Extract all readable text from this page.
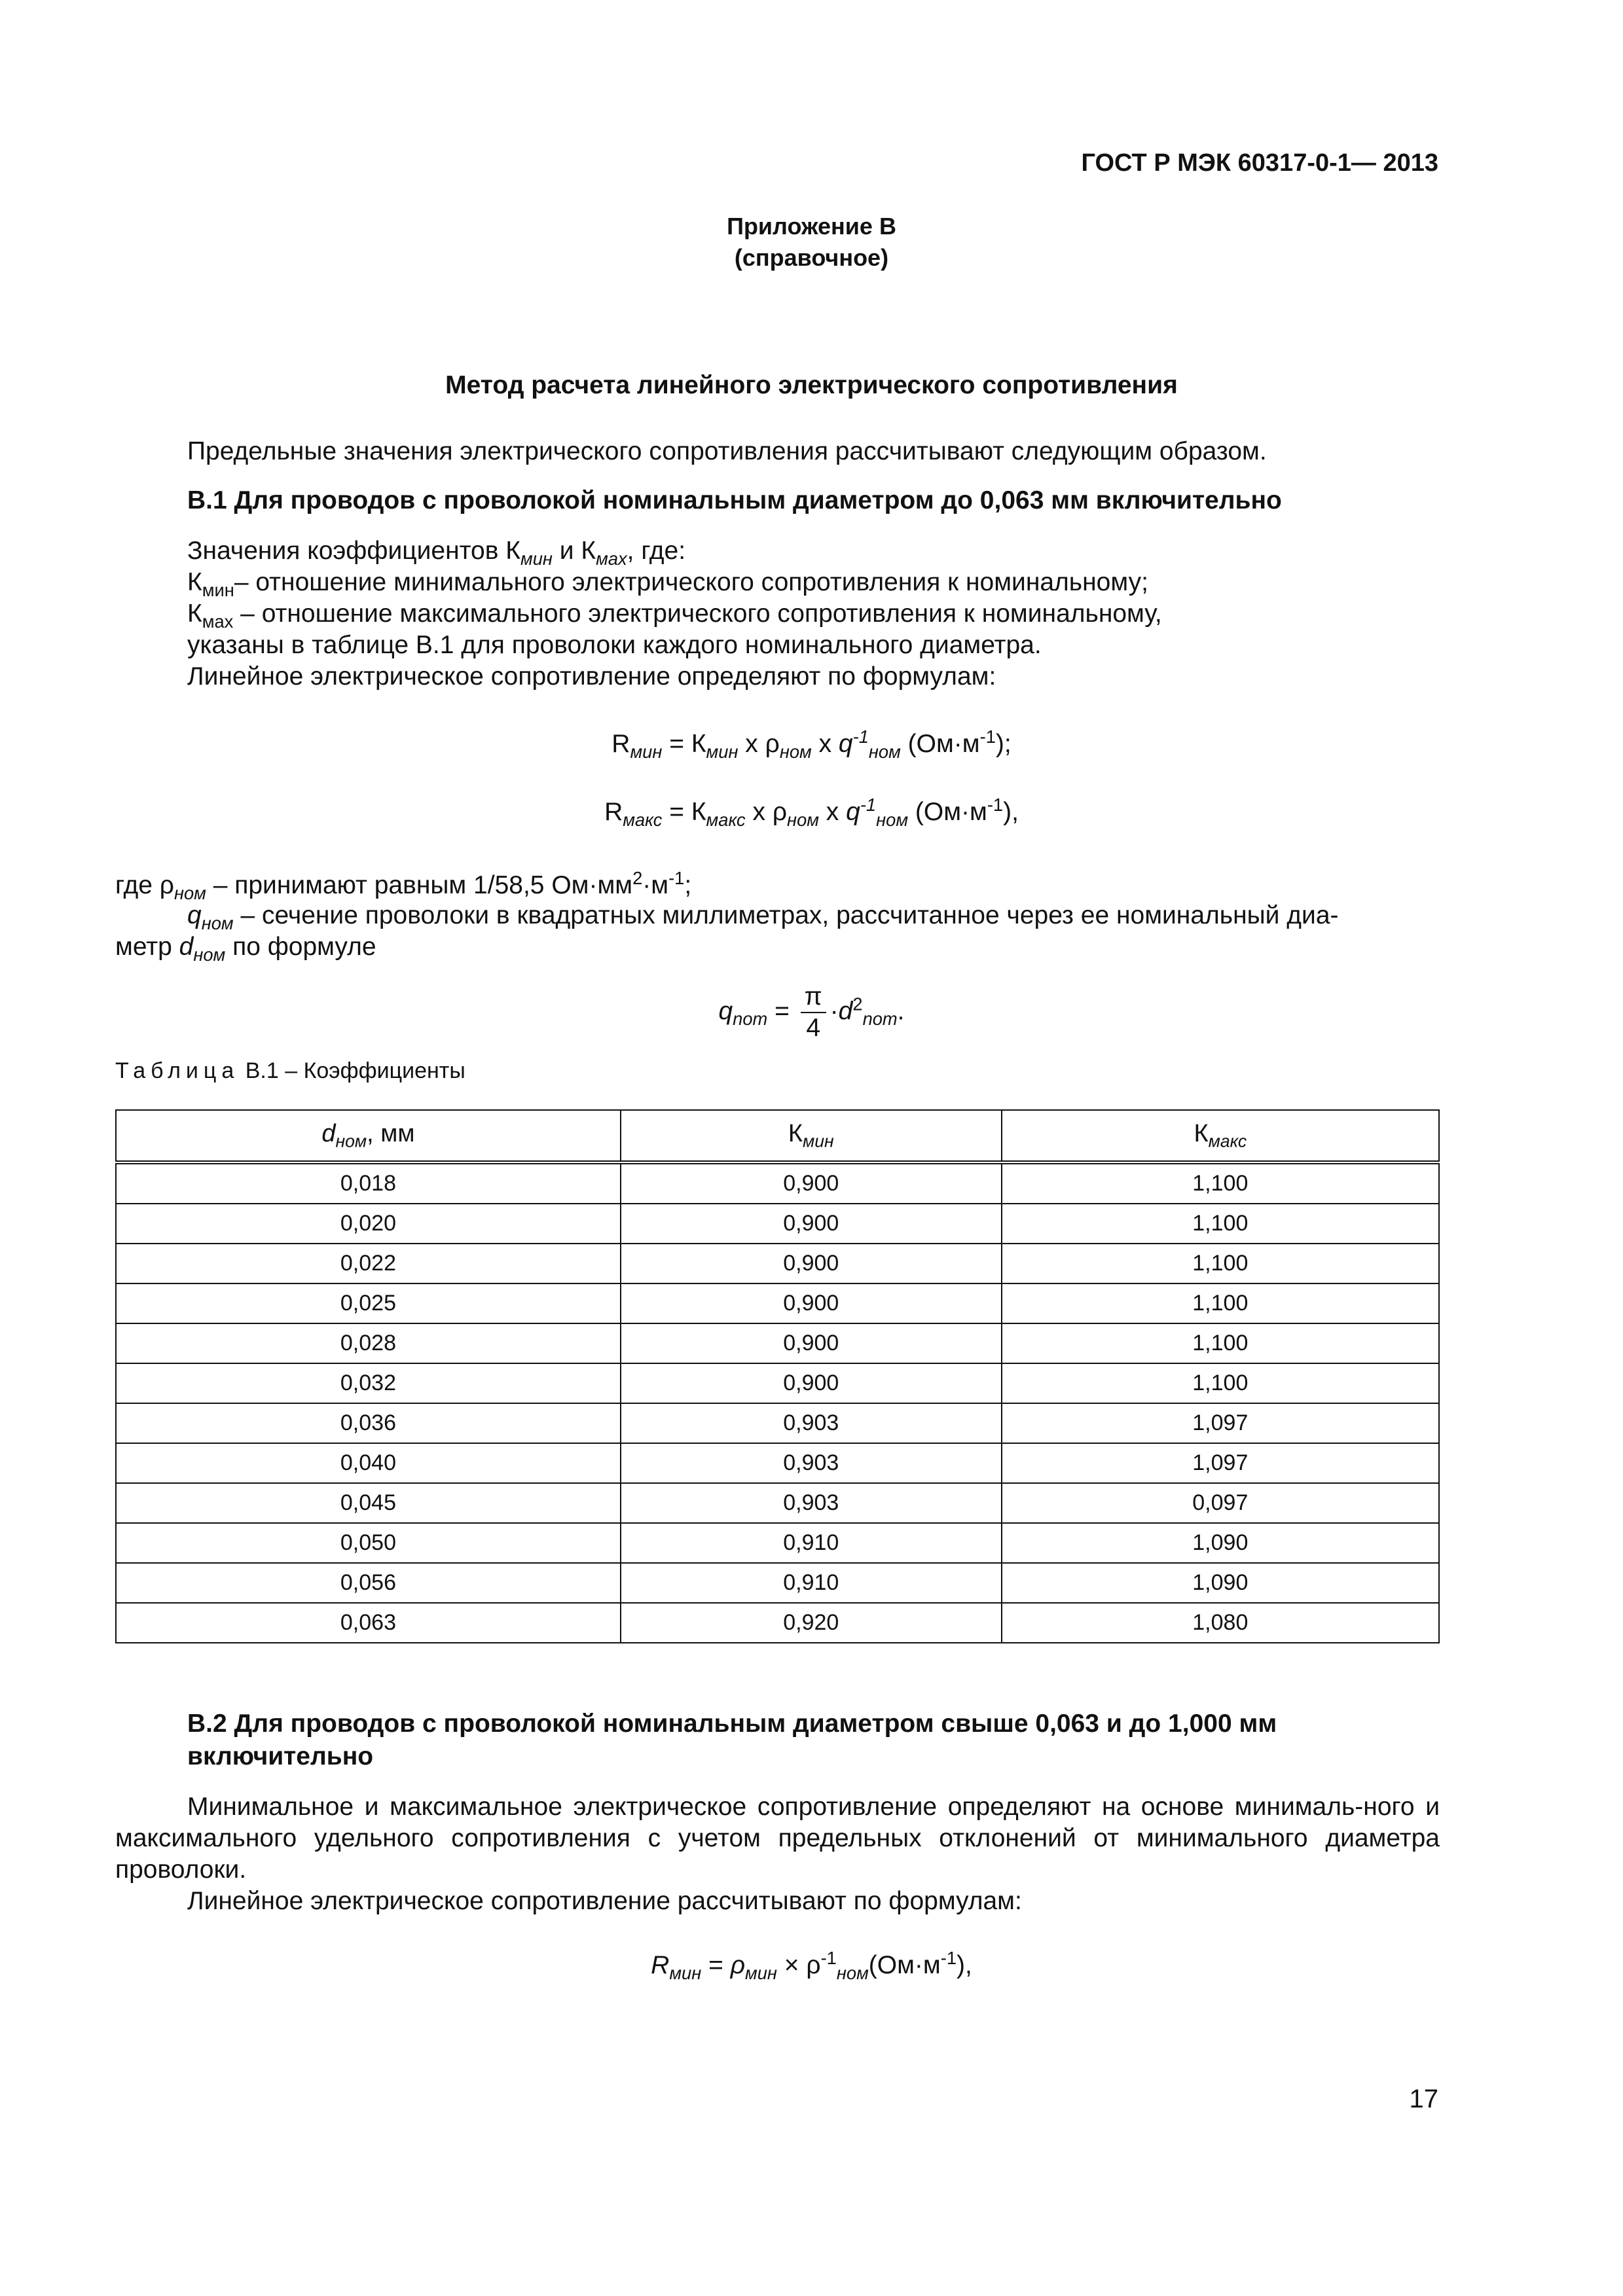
ГОСТ Р МЭК 60317-0-1— 2013
Приложение В
(справочное)
Метод расчета линейного электрического сопротивления
Предельные значения электрического сопротивления рассчитывают следующим образом.
В.1 Для проводов с проволокой номинальным диаметром до 0,063 мм включительно
Значения коэффициентов $К_{мин}$ и $К_{мах}$, где:
$К_{мин}-$ отношение минимального электрического сопротивления к номинальному;
$К_{мах}$ – отношение максимального электрического сопротивления к номинальному,
указаны в таблице В.1 для проволоки каждого номинального диаметра.
Линейное электрическое сопротивление определяют по формулам:
$R_{мин} = К_{мин}$ x $\rho_{ном}$ x $q^{-1}_{ном}$ $(Ом\cdot м^{-1})$;
$R_{макс} = К_{макс}$ x $\rho_{ном}$ x $q^{-1}_{ном}$ $(Ом\cdot м^{-1})$,
где $\rho_{ном}$ – принимают равным 1/58,5 $Ом\cdot мм^2\cdot м^{-1}$;
$q_{ном}$ – сечение проволоки в квадратных миллиметрах, рассчитанное через ее номинальный диа-
метр $d_{ном}$ по формуле
$q_{nom} = \frac{\pi}{4} \cdot d^2_{nom}$.
Таблица В.1 – Коэффициенты
$d_{ном}$, мм	$К_{мин}$	$К_{макс}$
0,018	0,900	1,100
0,020	0,900	1,100
0,022	0,900	1,100
0,025	0,900	1,100
0,028	0,900	1,100
0,032	0,900	1,100
0,036	0,903	1,097
0,040	0,903	1,097
0,045	0,903	0,097
0,050	0,910	1,090
0,056	0,910	1,090
0,063	0,920	1,080
В.2 Для проводов с проволокой номинальным диаметром свыше 0,063 и до 1,000 мм
включительно
Минимальное и максимальное электрическое сопротивление определяют на основе минималь-ного и максимального удельного сопротивления с учетом предельных отклонений от минимального диаметра проволоки.
Линейное электрическое сопротивление рассчитывают по формулам:
$R_{мин} = \rho_{мин} \times \rho^{-1}_{ном}(Ом\cdot м^{-1})$,
17
